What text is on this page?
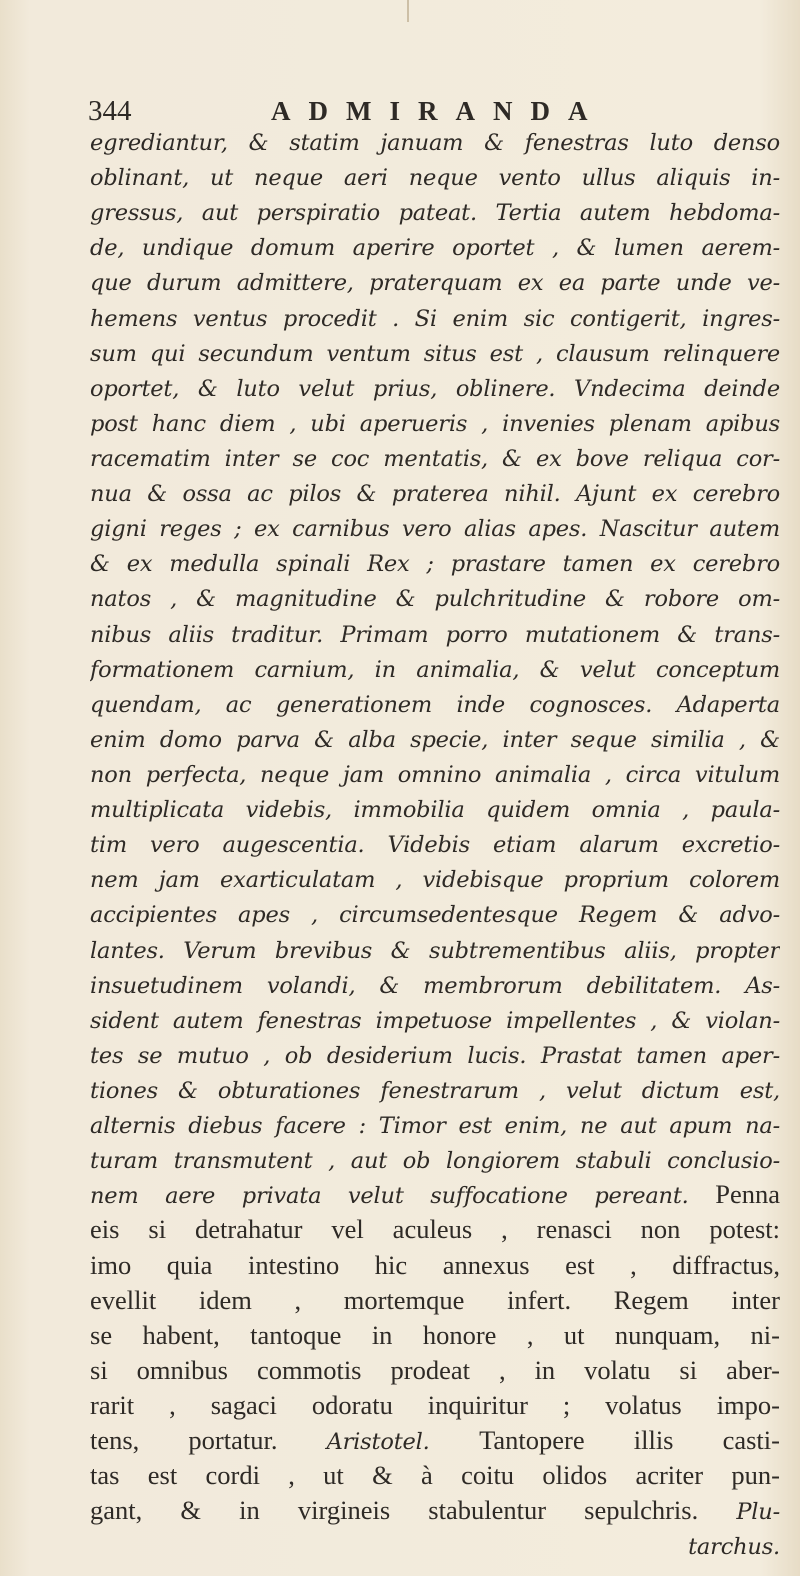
344	ADMIRANDA
egrediantur, & statim januam & fenestras luto denso
oblinant, ut neque aeri neque vento ullus aliquis in-
gressus, aut perspiratio pateat. Tertia autem hebdoma-
de, undique domum aperire oportet , & lumen aerem-
que durum admittere, praterquam ex ea parte unde ve-
hemens ventus procedit . Si enim sic contigerit, ingres-
sum qui secundum ventum situs est , clausum relinquere
oportet, & luto velut prius, oblinere. Vndecima deinde
post hanc diem , ubi aperueris , invenies plenam apibus
racematim inter se coc mentatis, & ex bove reliqua cor-
nua & ossa ac pilos & praterea nihil. Ajunt ex cerebro
gigni reges ; ex carnibus vero alias apes. Nascitur autem
& ex medulla spinali Rex ; prastare tamen ex cerebro
natos , & magnitudine & pulchritudine & robore om-
nibus aliis traditur. Primam porro mutationem & trans-
formationem carnium, in animalia, & velut conceptum
quendam, ac generationem inde cognosces. Adaperta
enim domo parva & alba specie, inter seque similia , &
non perfecta, neque jam omnino animalia , circa vitulum
multiplicata videbis, immobilia quidem omnia , paula-
tim vero augescentia. Videbis etiam alarum excretio-
nem jam exarticulatam , videbisque proprium colorem
accipientes apes , circumsedentesque Regem & advo-
lantes. Verum brevibus & subtrementibus aliis, propter
insuetudinem volandi, & membrorum debilitatem. As-
sident autem fenestras impetuose impellentes , & violan-
tes se mutuo , ob desiderium lucis. Prastat tamen aper-
tiones & obturationes fenestrarum , velut dictum est,
alternis diebus facere : Timor est enim, ne aut apum na-
turam transmutent , aut ob longiorem stabuli conclusio-
nem aere privata velut suffocatione pereant. Penna
eis si detrahatur vel aculeus , renasci non potest:
imo quia intestino hic annexus est , diffractus,
evellit idem , mortemque infert. Regem inter
se habent, tantoque in honore , ut nunquam, ni-
si omnibus commotis prodeat , in volatu si aber-
rarit , sagaci odoratu inquiritur ; volatus impo-
tens, portatur. Aristotel. Tantopere illis casti-
tas est cordi , ut & à coitu olidos acriter pun-
gant, & in virgineis stabulentur sepulchris. Plu-
tarchus.
